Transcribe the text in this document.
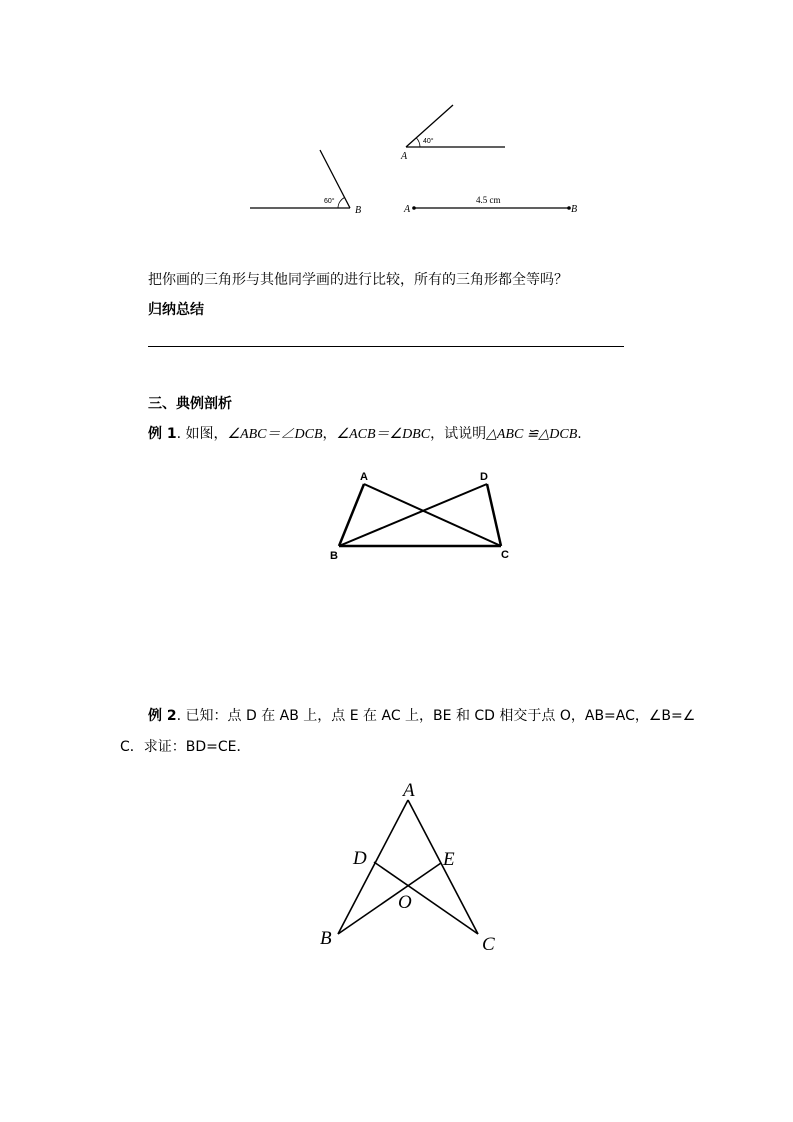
40°
A
60°
B	A	B
4.5 cm
把你画的三角形与其他同学画的进行比较，所有的三角形都全等吗？
归纳总结
三、典例剖析
例 1. 如图，∠ABC＝∠DCB，∠ACB＝∠DBC，试说明△ABC ≌△DCB.
A	D
B	C
例 2. 已知：点 D 在 AB 上，点 E 在 AC 上，BE 和 CD 相交于点 O，AB=AC，∠B=∠
C．求证：BD=CE．
A
D	E
O
B	C
